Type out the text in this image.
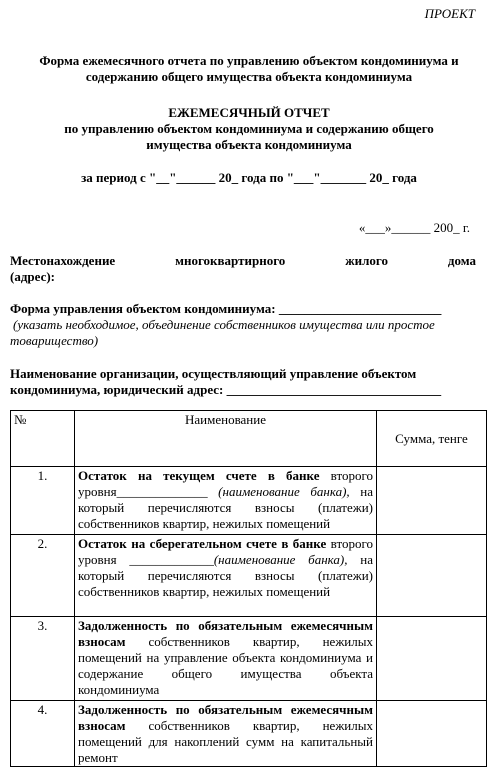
ПРОЕКТ
Форма ежемесячного отчета по управлению объектом кондоминиума и
содержанию общего имущества объекта кондоминиума
ЕЖЕМЕСЯЧНЫЙ ОТЧЕТ
по управлению объектом кондоминиума и содержанию общего
имущества объекта кондоминиума
за период с "__"______ 20_ года по "___"_______ 20_ года
«___»______ 200_ г.
Местонахождение многоквартирного жилого дома
(адрес):
Форма управления объектом кондоминиума: _________________________
(указать необходимое, объединение собственников имущества или простое
товарищество)
Наименование организации, осуществляющий управление объектом
кондоминиума, юридический адрес: _________________________________
№	Наименование	Сумма, тенге
1.	Остаток на текущем счете в банке второго уровня______________ (наименование банка), на который перечисляются взносы (платежи) собственников квартир, нежилых помещений	
2.	Остаток на сберегательном счете в банке второго уровня _____________(наименование банка), на который перечисляются взносы (платежи) собственников квартир, нежилых помещений	
3.	Задолженность по обязательным ежемесячным взносам собственников квартир, нежилых помещений на управление объекта кондоминиума и содержание общего имущества объекта кондоминиума	
4.	Задолженность по обязательным ежемесячным взносам собственников квартир, нежилых помещений для накоплений сумм на капитальный ремонт	
